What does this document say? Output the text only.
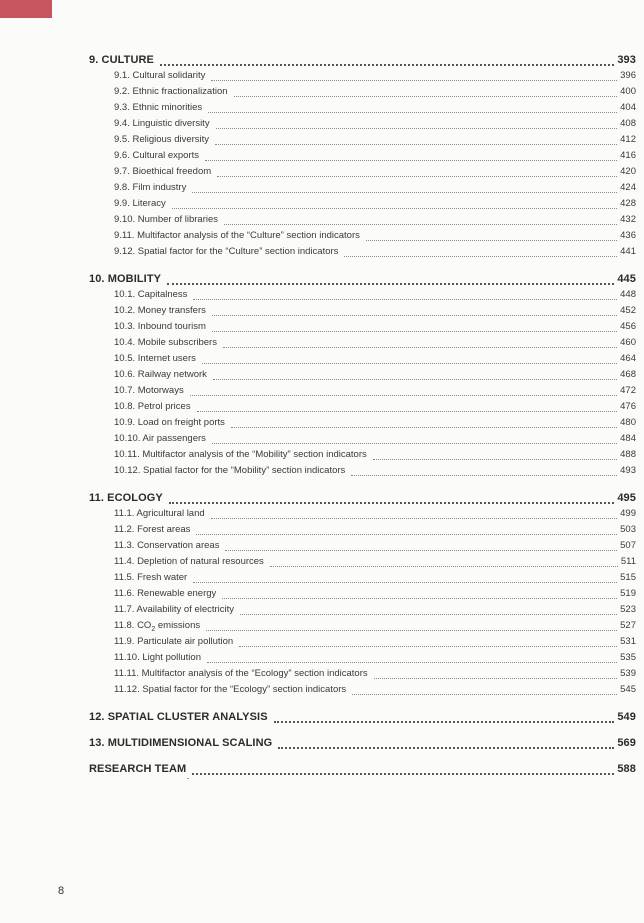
9. CULTURE	393
9.1. Cultural solidarity	396
9.2. Ethnic fractionalization	400
9.3. Ethnic minorities	404
9.4. Linguistic diversity	408
9.5. Religious diversity	412
9.6. Cultural exports	416
9.7. Bioethical freedom	420
9.8. Film industry	424
9.9. Literacy	428
9.10. Number of libraries	432
9.11. Multifactor analysis of the “Culture” section indicators	436
9.12. Spatial factor for the “Culture” section indicators	441
10. MOBILITY	445
10.1. Capitalness	448
10.2. Money transfers	452
10.3. Inbound tourism	456
10.4. Mobile subscribers	460
10.5. Internet users	464
10.6. Railway network	468
10.7. Motorways	472
10.8. Petrol prices	476
10.9. Load on freight ports	480
10.10. Air passengers	484
10.11. Multifactor analysis of the “Mobility” section indicators	488
10.12. Spatial factor for the “Mobility” section indicators	493
11. ECOLOGY	495
11.1. Agricultural land	499
11.2. Forest areas	503
11.3. Conservation areas	507
11.4. Depletion of natural resources	511
11.5. Fresh water	515
11.6. Renewable energy	519
11.7. Availability of electricity	523
11.8. $CO_2$ emissions	527
11.9. Particulate air pollution	531
11.10. Light pollution	535
11.11. Multifactor analysis of the “Ecology” section indicators	539
11.12. Spatial factor for the “Ecology” section indicators	545
12. SPATIAL CLUSTER ANALYSIS	549
13. MULTIDIMENSIONAL SCALING	569
RESEARCH TEAM	588
8
